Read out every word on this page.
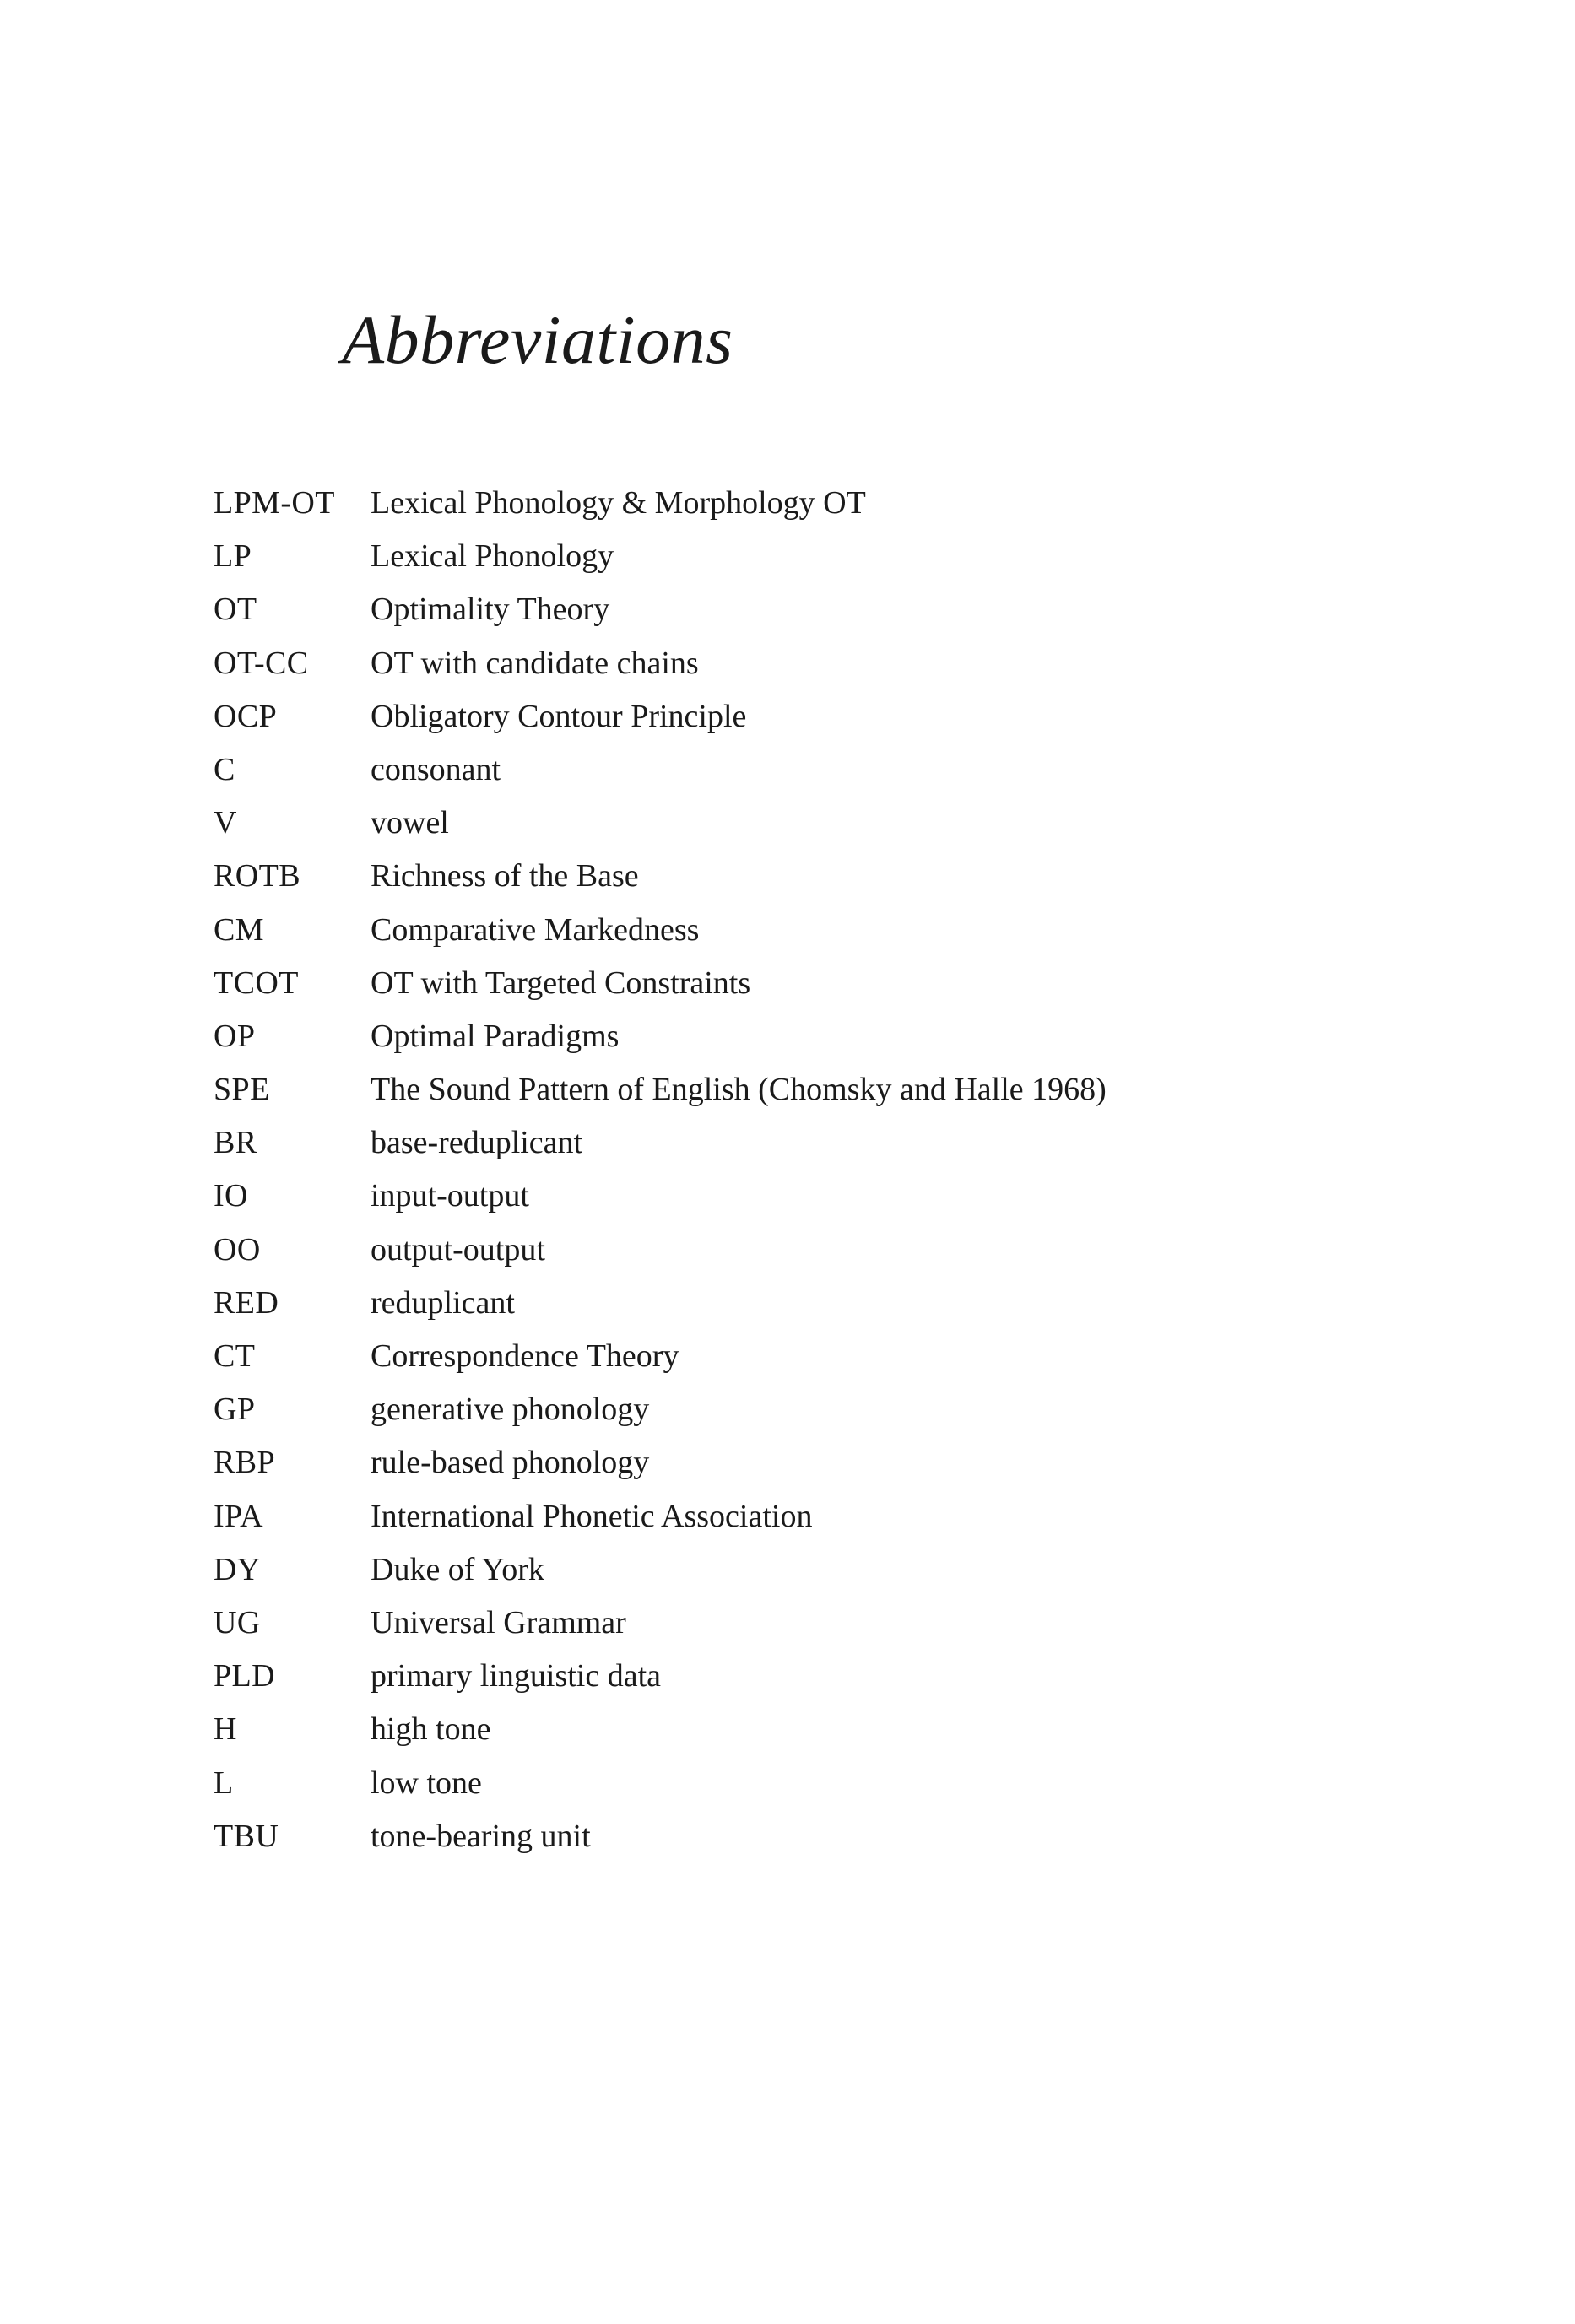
Abbreviations
LPM-OT	Lexical Phonology & Morphology OT
LP	Lexical Phonology
OT	Optimality Theory
OT-CC	OT with candidate chains
OCP	Obligatory Contour Principle
C	consonant
V	vowel
ROTB	Richness of the Base
CM	Comparative Markedness
TCOT	OT with Targeted Constraints
OP	Optimal Paradigms
SPE	The Sound Pattern of English (Chomsky and Halle 1968)
BR	base-reduplicant
IO	input-output
OO	output-output
RED	reduplicant
CT	Correspondence Theory
GP	generative phonology
RBP	rule-based phonology
IPA	International Phonetic Association
DY	Duke of York
UG	Universal Grammar
PLD	primary linguistic data
H	high tone
L	low tone
TBU	tone-bearing unit
